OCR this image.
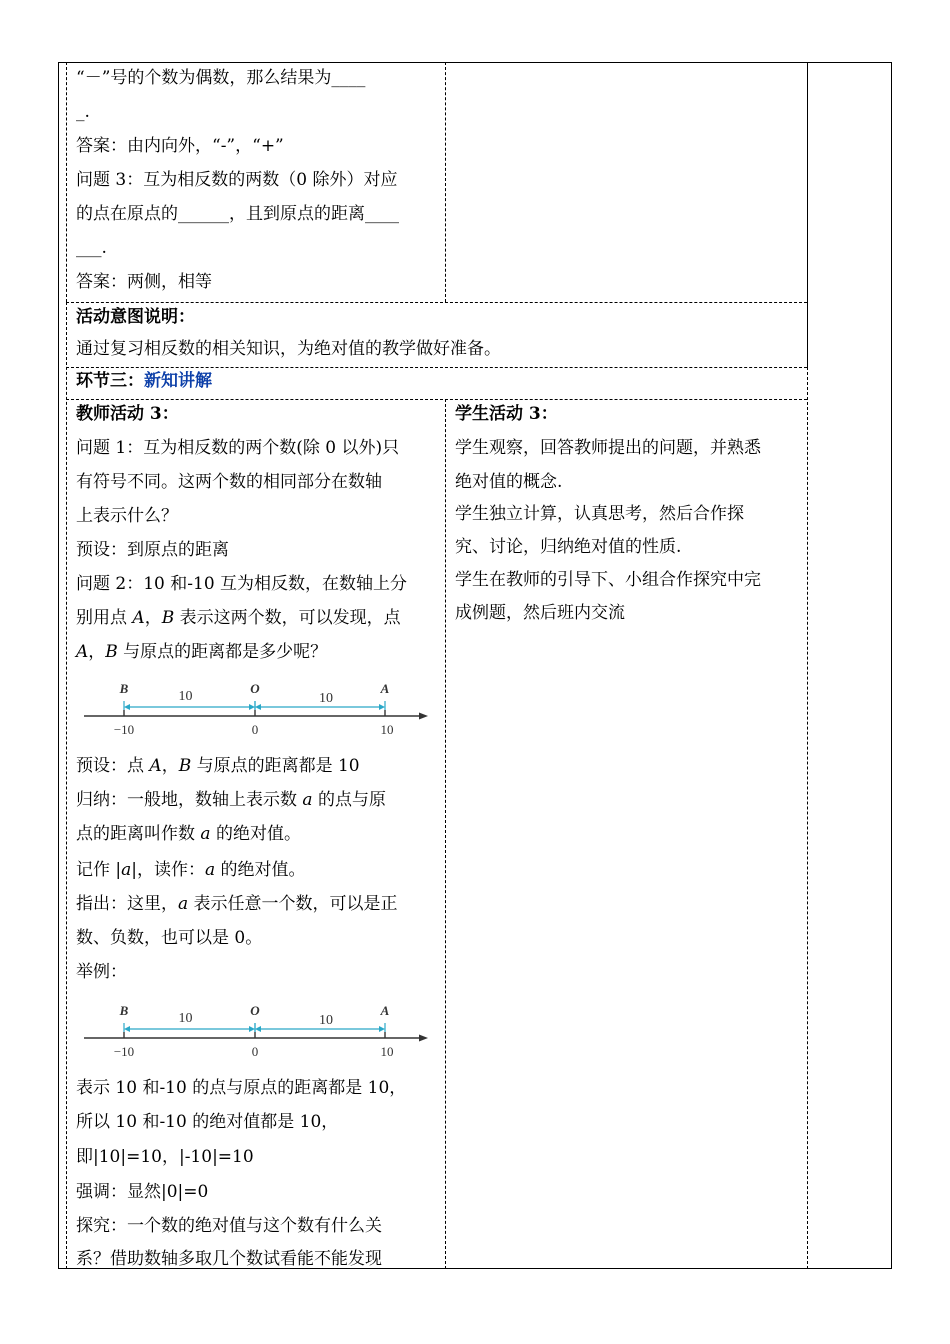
“－”号的个数为偶数，那么结果为____
_.
答案：由内向外，“-”，“+”
问题 3：互为相反数的两数（0 除外）对应
的点在原点的______，且到原点的距离____
___.
答案：两侧，相等
活动意图说明：
通过复习相反数的相关知识，为绝对值的教学做好准备。
环节三：新知讲解
教师活动 3：
问题 1：互为相反数的两个数(除 0 以外)只
有符号不同。这两个数的相同部分在数轴
上表示什么？
预设：到原点的距离
问题 2：10 和-10 互为相反数，在数轴上分
别用点 A，B 表示这两个数，可以发现，点
A，B 与原点的距离都是多少呢？
B	O	A
10	10
−10	0	10
预设：点 A，B 与原点的距离都是 10
归纳：一般地，数轴上表示数 a 的点与原
点的距离叫作数 a 的绝对值。
记作 |a|，读作：a 的绝对值。
指出：这里，a 表示任意一个数，可以是正
数、负数，也可以是 0。
举例：
B	O	A
10	10
−10	0	10
表示 10 和-10 的点与原点的距离都是 10，
所以 10 和-10 的绝对值都是 10，
即|10|=10，|-10|=10
强调：显然|0|=0
探究：一个数的绝对值与这个数有什么关
系？借助数轴多取几个数试看能不能发现
学生活动 3：
学生观察，回答教师提出的问题，并熟悉
绝对值的概念.
学生独立计算，认真思考，然后合作探
究、讨论，归纳绝对值的性质.
学生在教师的引导下、小组合作探究中完
成例题，然后班内交流
